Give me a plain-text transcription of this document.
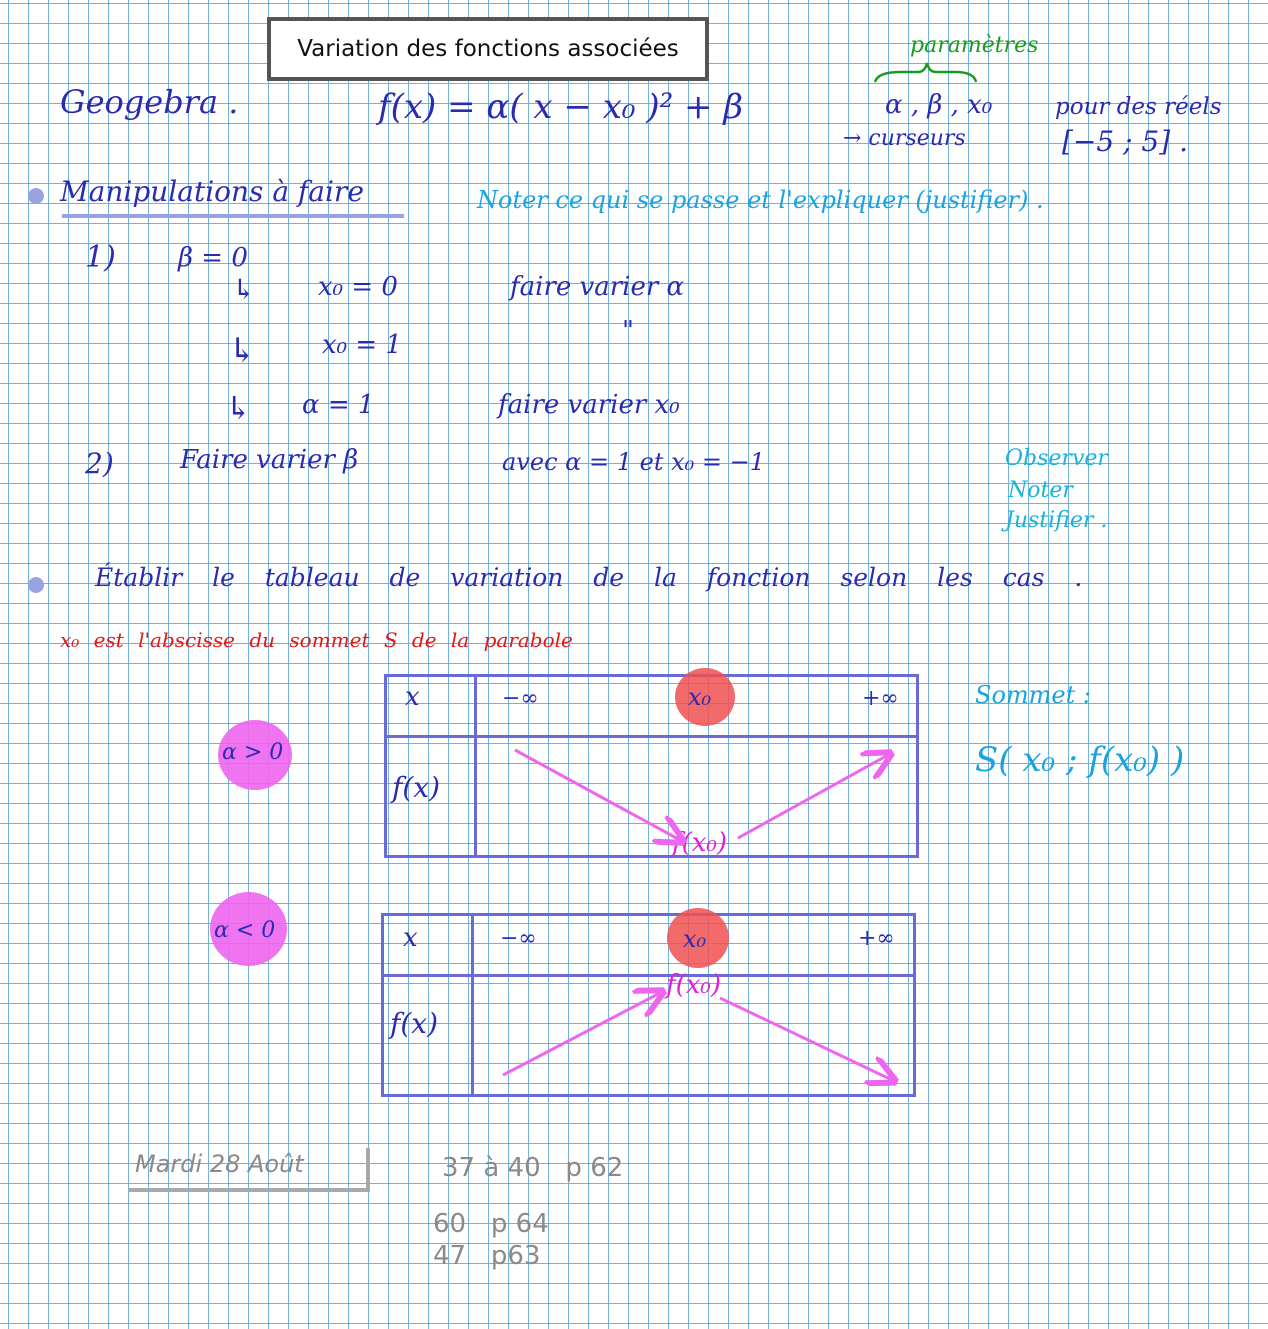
Variation des fonctions associées
Geogebra .	f(x) = α( x − x₀ )² + β
paramètres
α , β , x₀	pour des réels
→ curseurs	[−5 ; 5] .
Manipulations à faire	Noter ce qui se passe et l'expliquer (justifier) .
1) β = 0
↳ x₀ = 0	faire varier α
↳	x₀ = 1	"
↳ α = 1	faire varier x₀
2)	Faire varier β	avec α = 1 et x₀ = −1	Observer
Noter
Justifier .
Établir le tableau de variation de la fonction selon les cas .
x₀ est l'abscisse du sommet S de la parabole
Sommet :
S( x₀ ; f(x₀) )
α > 0
x	−∞	x₀	+∞
f(x)
f(x₀)
α < 0	x	−∞	x₀	+∞
f(x)
f(x₀)
Mardi 28 Août	37 à 40   p 62
60   p 64
47   p63
